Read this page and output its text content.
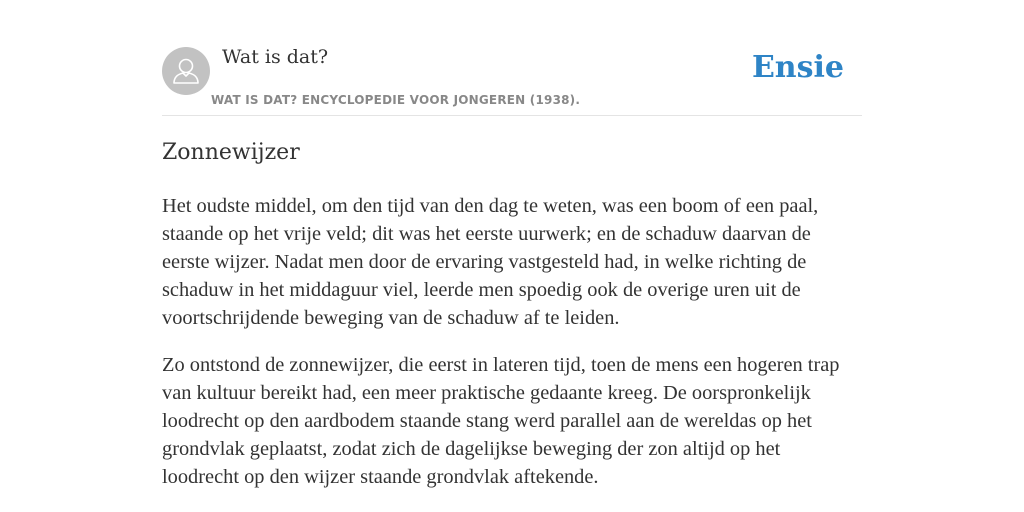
Wat is dat?
WAT IS DAT? ENCYCLOPEDIE VOOR JONGEREN (1938).
Ensie
Zonnewijzer

Het oudste middel, om den tijd van den dag te weten, was een boom of een paal, staande op het vrije veld; dit was het eerste uurwerk; en de schaduw daarvan de eerste wijzer. Nadat men door de ervaring vastgesteld had, in welke richting de schaduw in het middaguur viel, leerde men spoedig ook de overige uren uit de voortschrijdende beweging van de schaduw af te leiden.

Zo ontstond de zonnewijzer, die eerst in lateren tijd, toen de mens een hogeren trap van kultuur bereikt had, een meer praktische gedaante kreeg. De oorspronkelijk loodrecht op den aardbodem staande stang werd parallel aan de wereldas op het grondvlak geplaatst, zodat zich de dagelijkse beweging der zon altijd op het loodrecht op den wijzer staande grondvlak aftekende.
